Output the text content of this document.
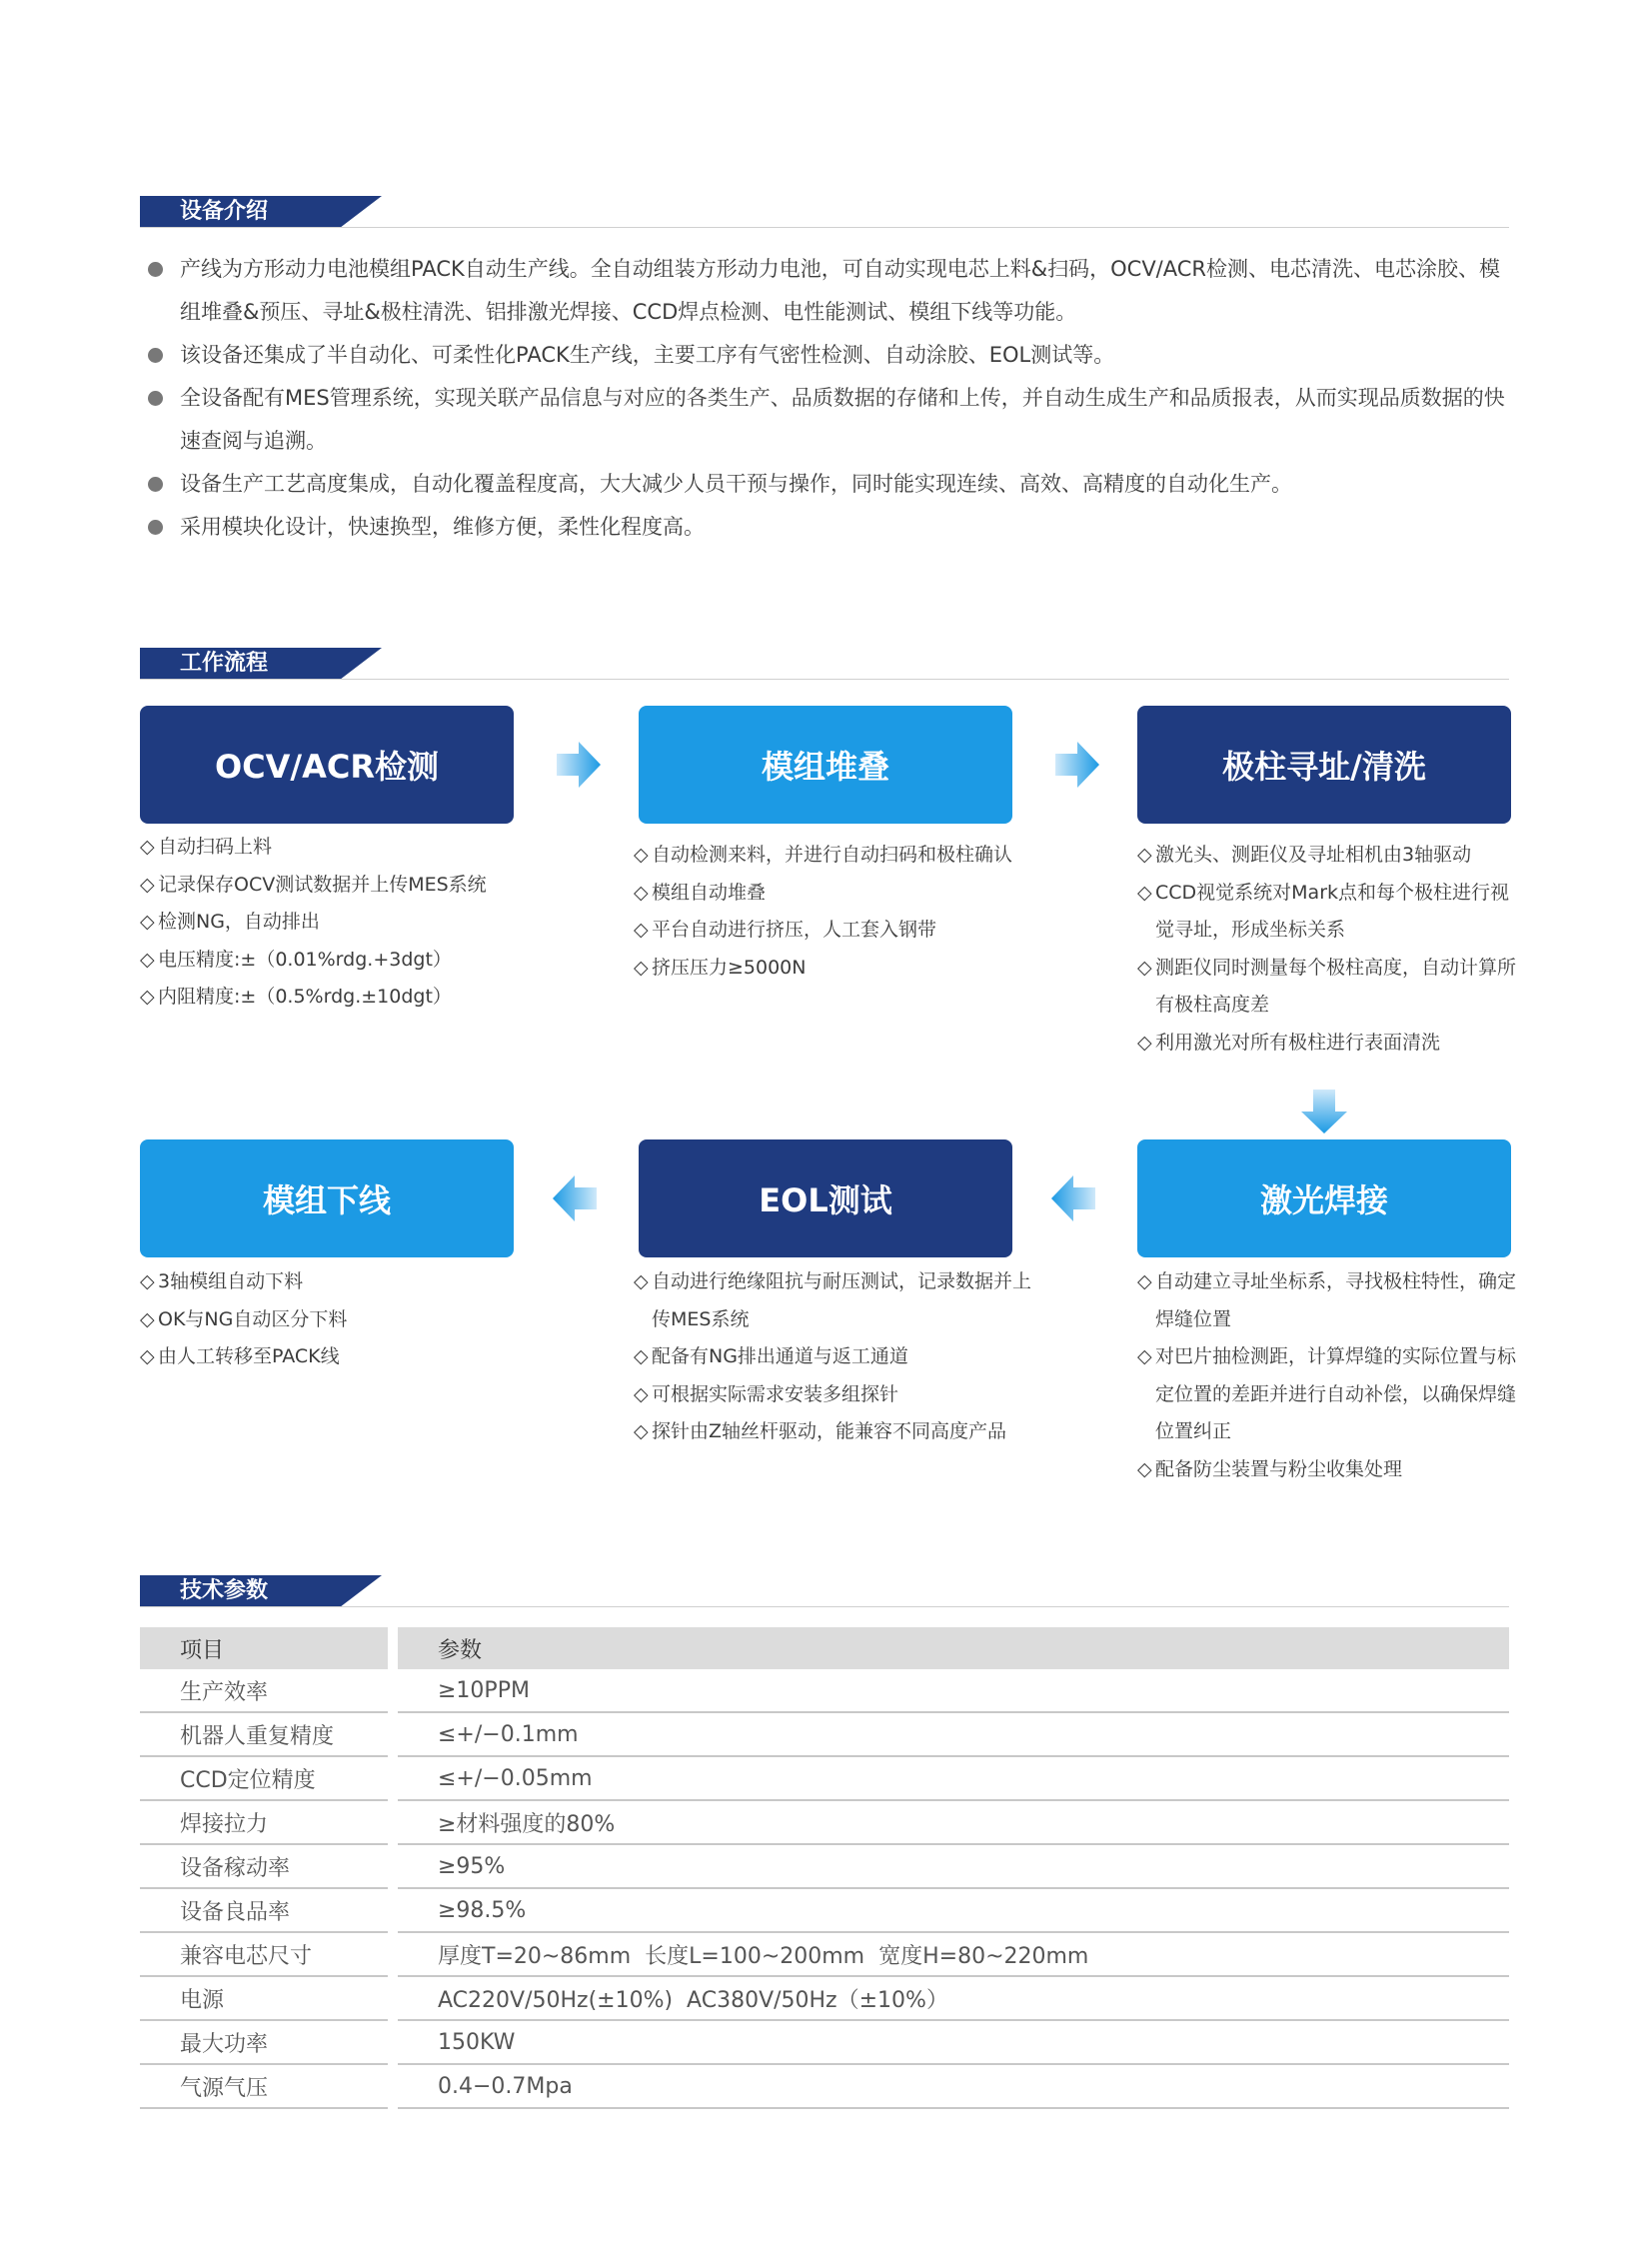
设备介绍
产线为方形动力电池模组PACK自动生产线。全自动组装方形动力电池，可自动实现电芯上料&扫码，OCV/ACR检测、电芯清洗、电芯涂胶、模组堆叠&预压、寻址&极柱清洗、铝排激光焊接、CCD焊点检测、电性能测试、模组下线等功能。
该设备还集成了半自动化、可柔性化PACK生产线，主要工序有气密性检测、自动涂胶、EOL测试等。
全设备配有MES管理系统，实现关联产品信息与对应的各类生产、品质数据的存储和上传，并自动生成生产和品质报表，从而实现品质数据的快速查阅与追溯。
设备生产工艺高度集成，自动化覆盖程度高，大大减少人员干预与操作，同时能实现连续、高效、高精度的自动化生产。
采用模块化设计，快速换型，维修方便，柔性化程度高。
工作流程
OCV/ACR检测	模组堆叠	极柱寻址/清洗
◇ 自动扫码上料
◇ 记录保存OCV测试数据并上传MES系统
◇ 检测NG，自动排出
◇ 电压精度:±（0.01%rdg.+3dgt）
◇ 内阻精度:±（0.5%rdg.±10dgt）
◇ 自动检测来料，并进行自动扫码和极柱确认
◇ 模组自动堆叠
◇ 平台自动进行挤压，人工套入钢带
◇ 挤压压力≥5000N
◇ 激光头、测距仪及寻址相机由3轴驱动
◇ CCD视觉系统对Mark点和每个极柱进行视觉寻址，形成坐标关系
◇ 测距仪同时测量每个极柱高度，自动计算所有极柱高度差
◇ 利用激光对所有极柱进行表面清洗
模组下线	EOL测试	激光焊接
◇ 3轴模组自动下料
◇ OK与NG自动区分下料
◇ 由人工转移至PACK线
◇ 自动进行绝缘阻抗与耐压测试，记录数据并上传MES系统
◇ 配备有NG排出通道与返工通道
◇ 可根据实际需求安装多组探针
◇ 探针由Z轴丝杆驱动，能兼容不同高度产品
◇ 自动建立寻址坐标系，寻找极柱特性，确定焊缝位置
◇ 对巴片抽检测距，计算焊缝的实际位置与标定位置的差距并进行自动补偿，以确保焊缝位置纠正
◇ 配备防尘装置与粉尘收集处理
技术参数
项目		参数
生产效率		≥10PPM
机器人重复精度		≤+/−0.1mm
CCD定位精度		≤+/−0.05mm
焊接拉力		≥材料强度的80%
设备稼动率		≥95%
设备良品率		≥98.5%
兼容电芯尺寸		厚度T=20~86mm  长度L=100~200mm  宽度H=80~220mm
电源		AC220V/50Hz(±10%)  AC380V/50Hz（±10%）
最大功率		150KW
气源气压		0.4−0.7Mpa
